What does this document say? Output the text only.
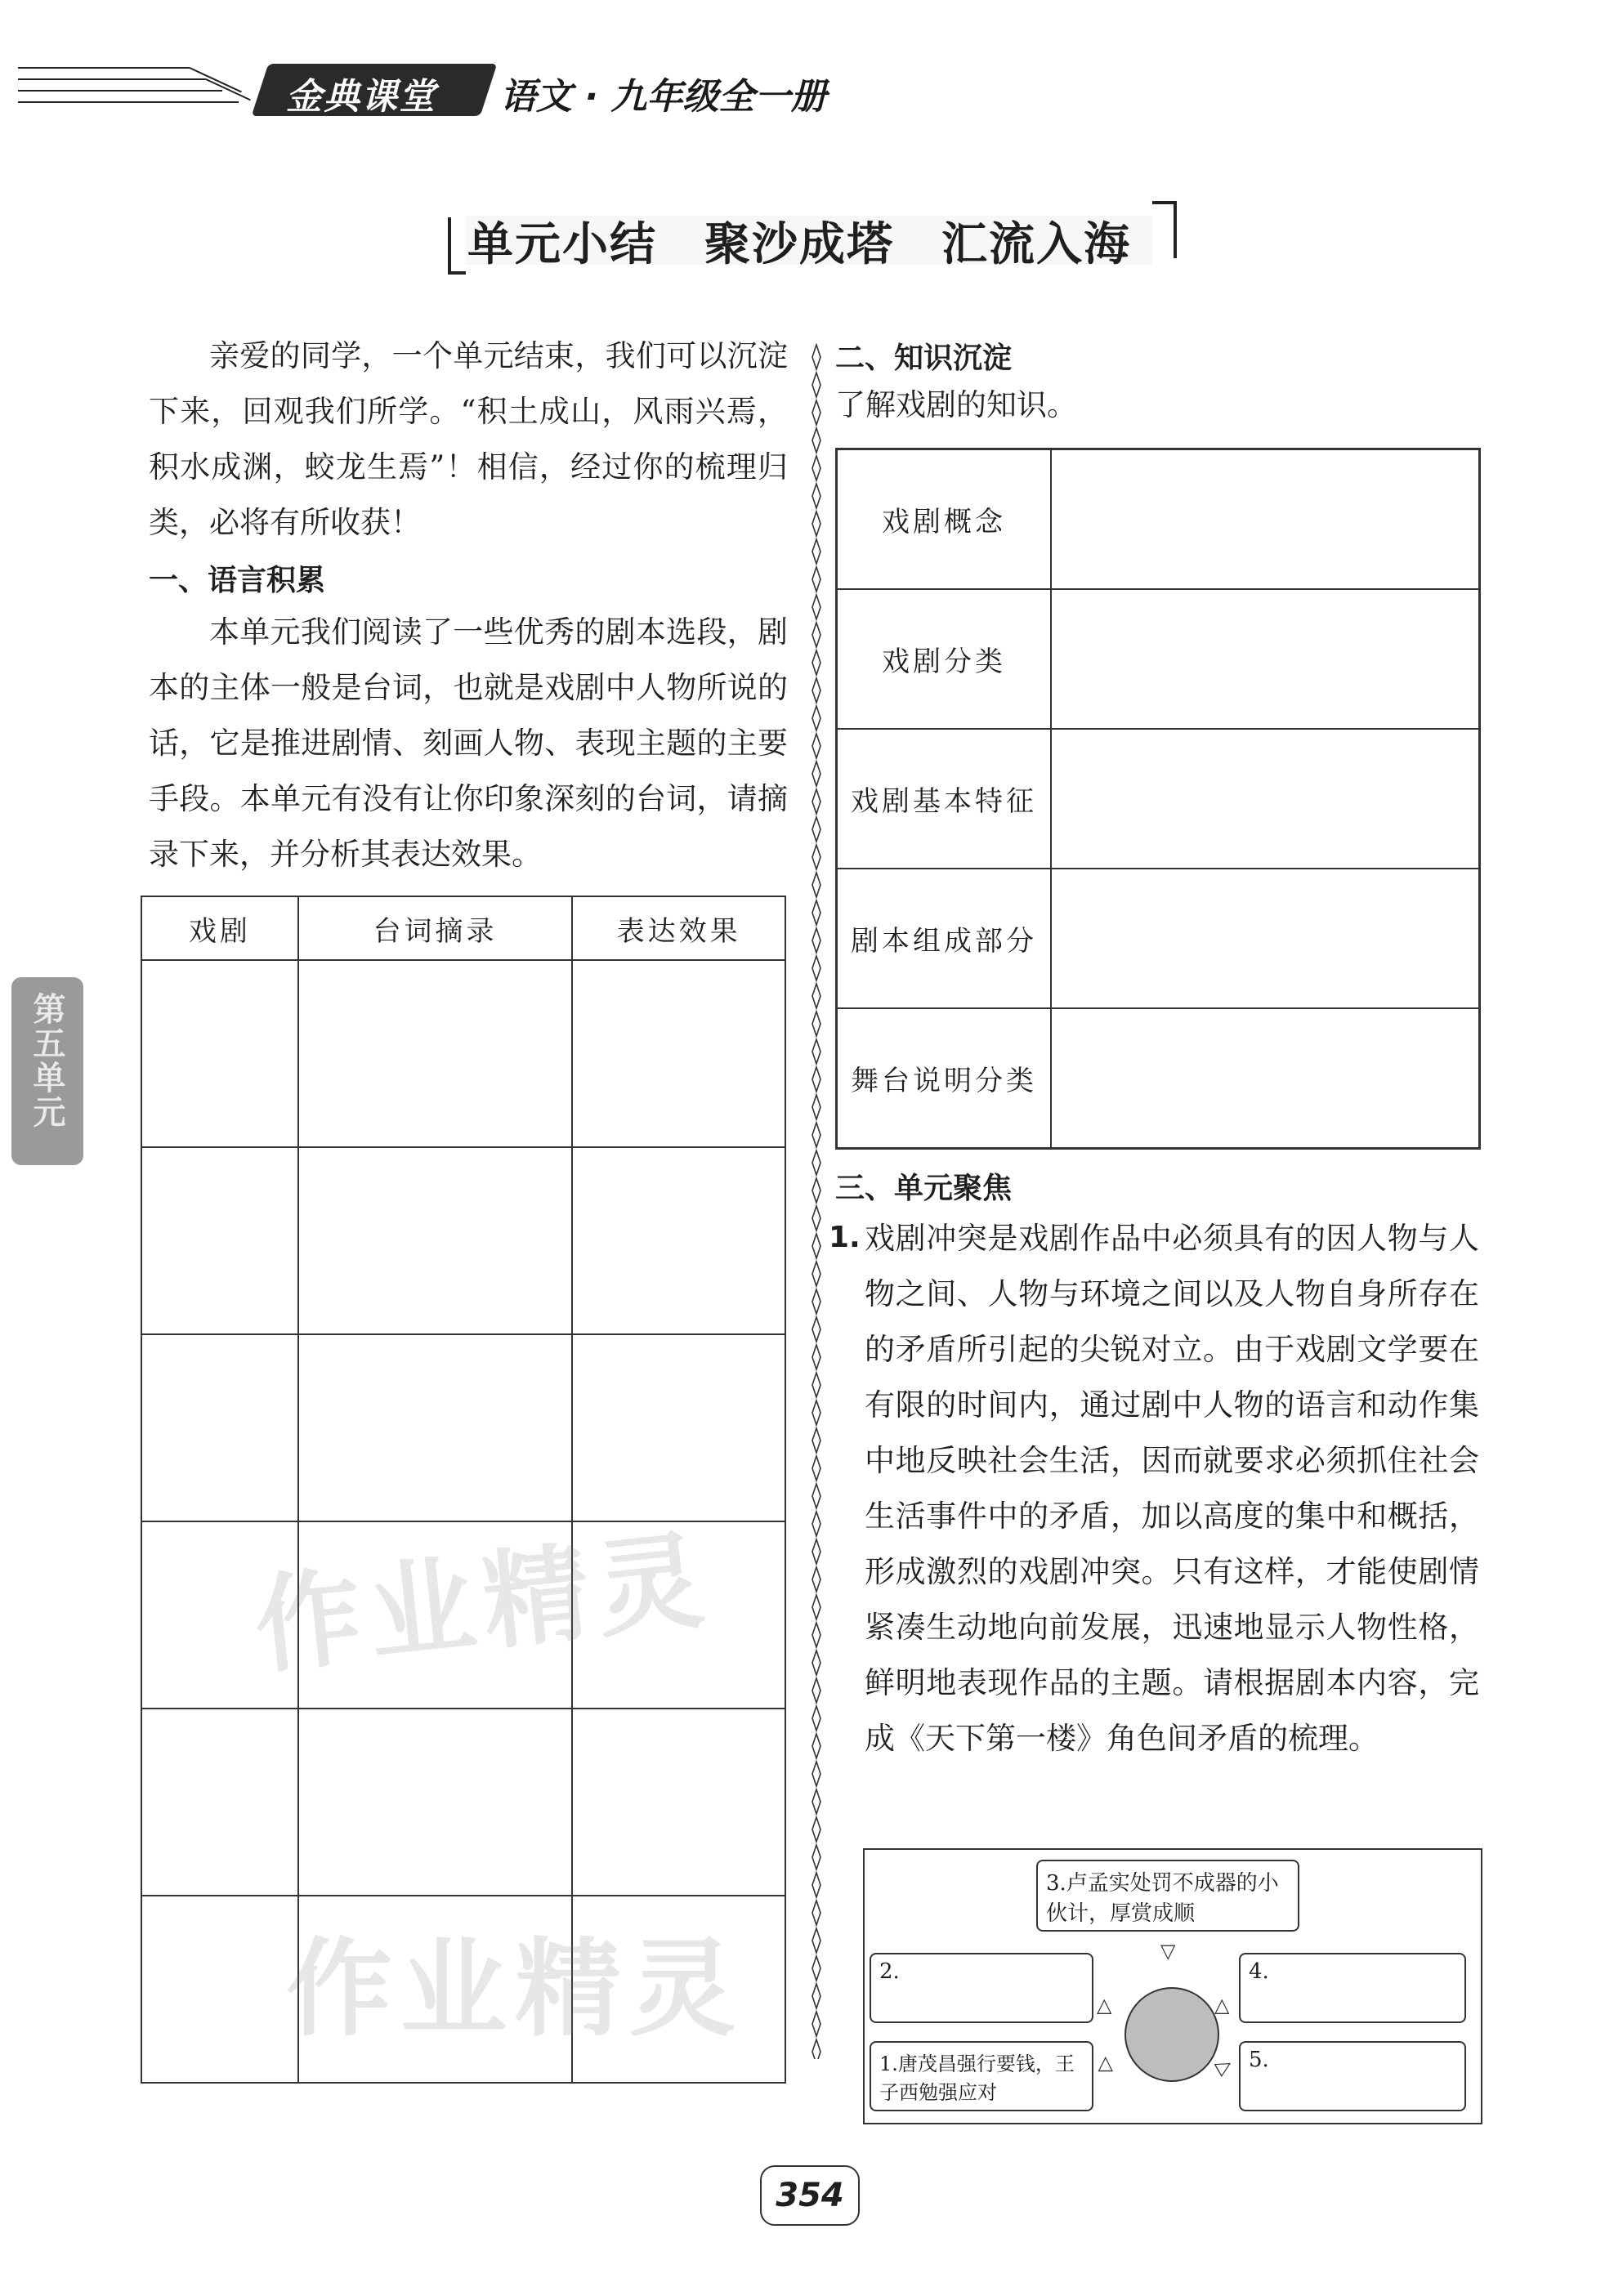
金典课堂 语文 · 九年级全一册
单元小结　聚沙成塔　汇流入海
亲爱的同学，一个单元结束，我们可以沉淀下来，回观我们所学。“积土成山，风雨兴焉，积水成渊，蛟龙生焉”！相信，经过你的梳理归类，必将有所收获！
一、语言积累
本单元我们阅读了一些优秀的剧本选段，剧本的主体一般是台词，也就是戏剧中人物所说的话，它是推进剧情、刻画人物、表现主题的主要手段。本单元有没有让你印象深刻的台词，请摘录下来，并分析其表达效果。
戏剧	台词摘录	表达效果

二、知识沉淀
了解戏剧的知识。
戏剧概念	
戏剧分类	
戏剧基本特征	
剧本组成部分	
舞台说明分类	
三、单元聚焦
1. 戏剧冲突是戏剧作品中必须具有的因人物与人物之间、人物与环境之间以及人物自身所存在的矛盾所引起的尖锐对立。由于戏剧文学要在有限的时间内，通过剧中人物的语言和动作集中地反映社会生活，因而就要求必须抓住社会生活事件中的矛盾，加以高度的集中和概括，形成激烈的戏剧冲突。只有这样，才能使剧情紧凑生动地向前发展，迅速地显示人物性格，鲜明地表现作品的主题。请根据剧本内容，完成《天下第一楼》角色间矛盾的梳理。
3.卢孟实处罚不成器的小伙计，厚赏成顺
2.
1.唐茂昌强行要钱，王子西勉强应对
4.
5.
▽
△	△
▷	▷
第五单元
作业精灵
作业精灵
354
